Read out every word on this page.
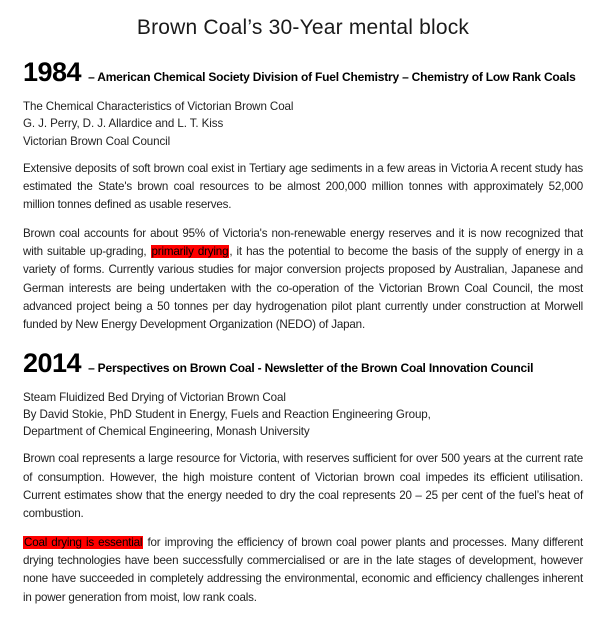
Brown Coal’s 30-Year mental block
1984 – American Chemical Society Division of Fuel Chemistry – Chemistry of Low Rank Coals
The Chemical Characteristics of Victorian Brown Coal
G. J. Perry, D. J. Allardice and L. T. Kiss
Victorian Brown Coal Council

Extensive deposits of soft brown coal exist in Tertiary age sediments in a few areas in Victoria A recent study has estimated the State's brown coal resources to be almost 200,000 million tonnes with approximately 52,000 million tonnes defined as usable reserves.

Brown coal accounts for about 95% of Victoria's non-renewable energy reserves and it is now recognized that with suitable up-grading, primarily drying, it has the potential to become the basis of the supply of energy in a variety of forms. Currently various studies for major conversion projects proposed by Australian, Japanese and German interests are being undertaken with the co-operation of the Victorian Brown Coal Council, the most advanced project being a 50 tonnes per day hydrogenation pilot plant currently under construction at Morwell funded by New Energy Development Organization (NEDO) of Japan.

2014 – Perspectives on Brown Coal - Newsletter of the Brown Coal Innovation Council
Steam Fluidized Bed Drying of Victorian Brown Coal
By David Stokie, PhD Student in Energy, Fuels and Reaction Engineering Group,
Department of Chemical Engineering, Monash University

Brown coal represents a large resource for Victoria, with reserves sufficient for over 500 years at the current rate of consumption. However, the high moisture content of Victorian brown coal impedes its efficient utilisation. Current estimates show that the energy needed to dry the coal represents 20 – 25 per cent of the fuel’s heat of combustion.

Coal drying is essential for improving the efficiency of brown coal power plants and processes. Many different drying technologies have been successfully commercialised or are in the late stages of development, however none have succeeded in completely addressing the environmental, economic and efficiency challenges inherent in power generation from moist, low rank coals.
